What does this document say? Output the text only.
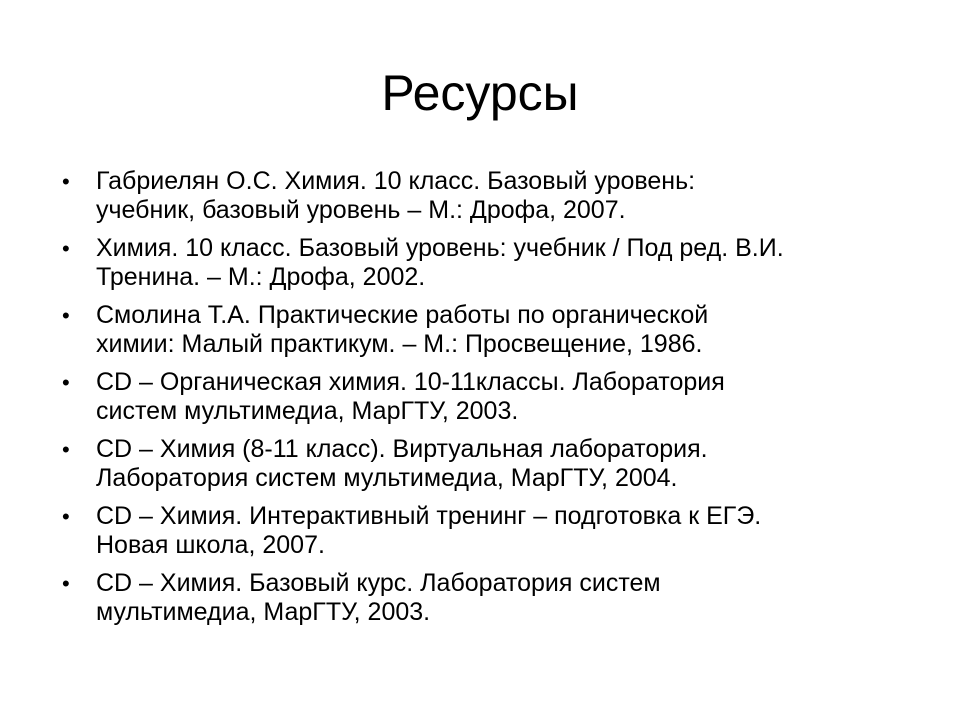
Ресурсы
•	Габриелян О.С. Химия. 10 класс. Базовый уровень:
учебник, базовый уровень – М.: Дрофа, 2007.
•	Химия. 10 класс. Базовый уровень: учебник / Под ред. В.И.
Тренина. – М.: Дрофа, 2002.
•	Смолина Т.А. Практические работы по органической
химии: Малый практикум. – М.: Просвещение, 1986.
•	CD – Органическая химия. 10-11классы. Лаборатория
систем мультимедиа, МарГТУ, 2003.
•	CD – Химия (8-11 класс). Виртуальная лаборатория.
Лаборатория систем мультимедиа, МарГТУ, 2004.
•	CD – Химия. Интерактивный тренинг – подготовка к ЕГЭ.
Новая школа, 2007.
•	CD – Химия. Базовый курс. Лаборатория систем
мультимедиа, МарГТУ, 2003.
